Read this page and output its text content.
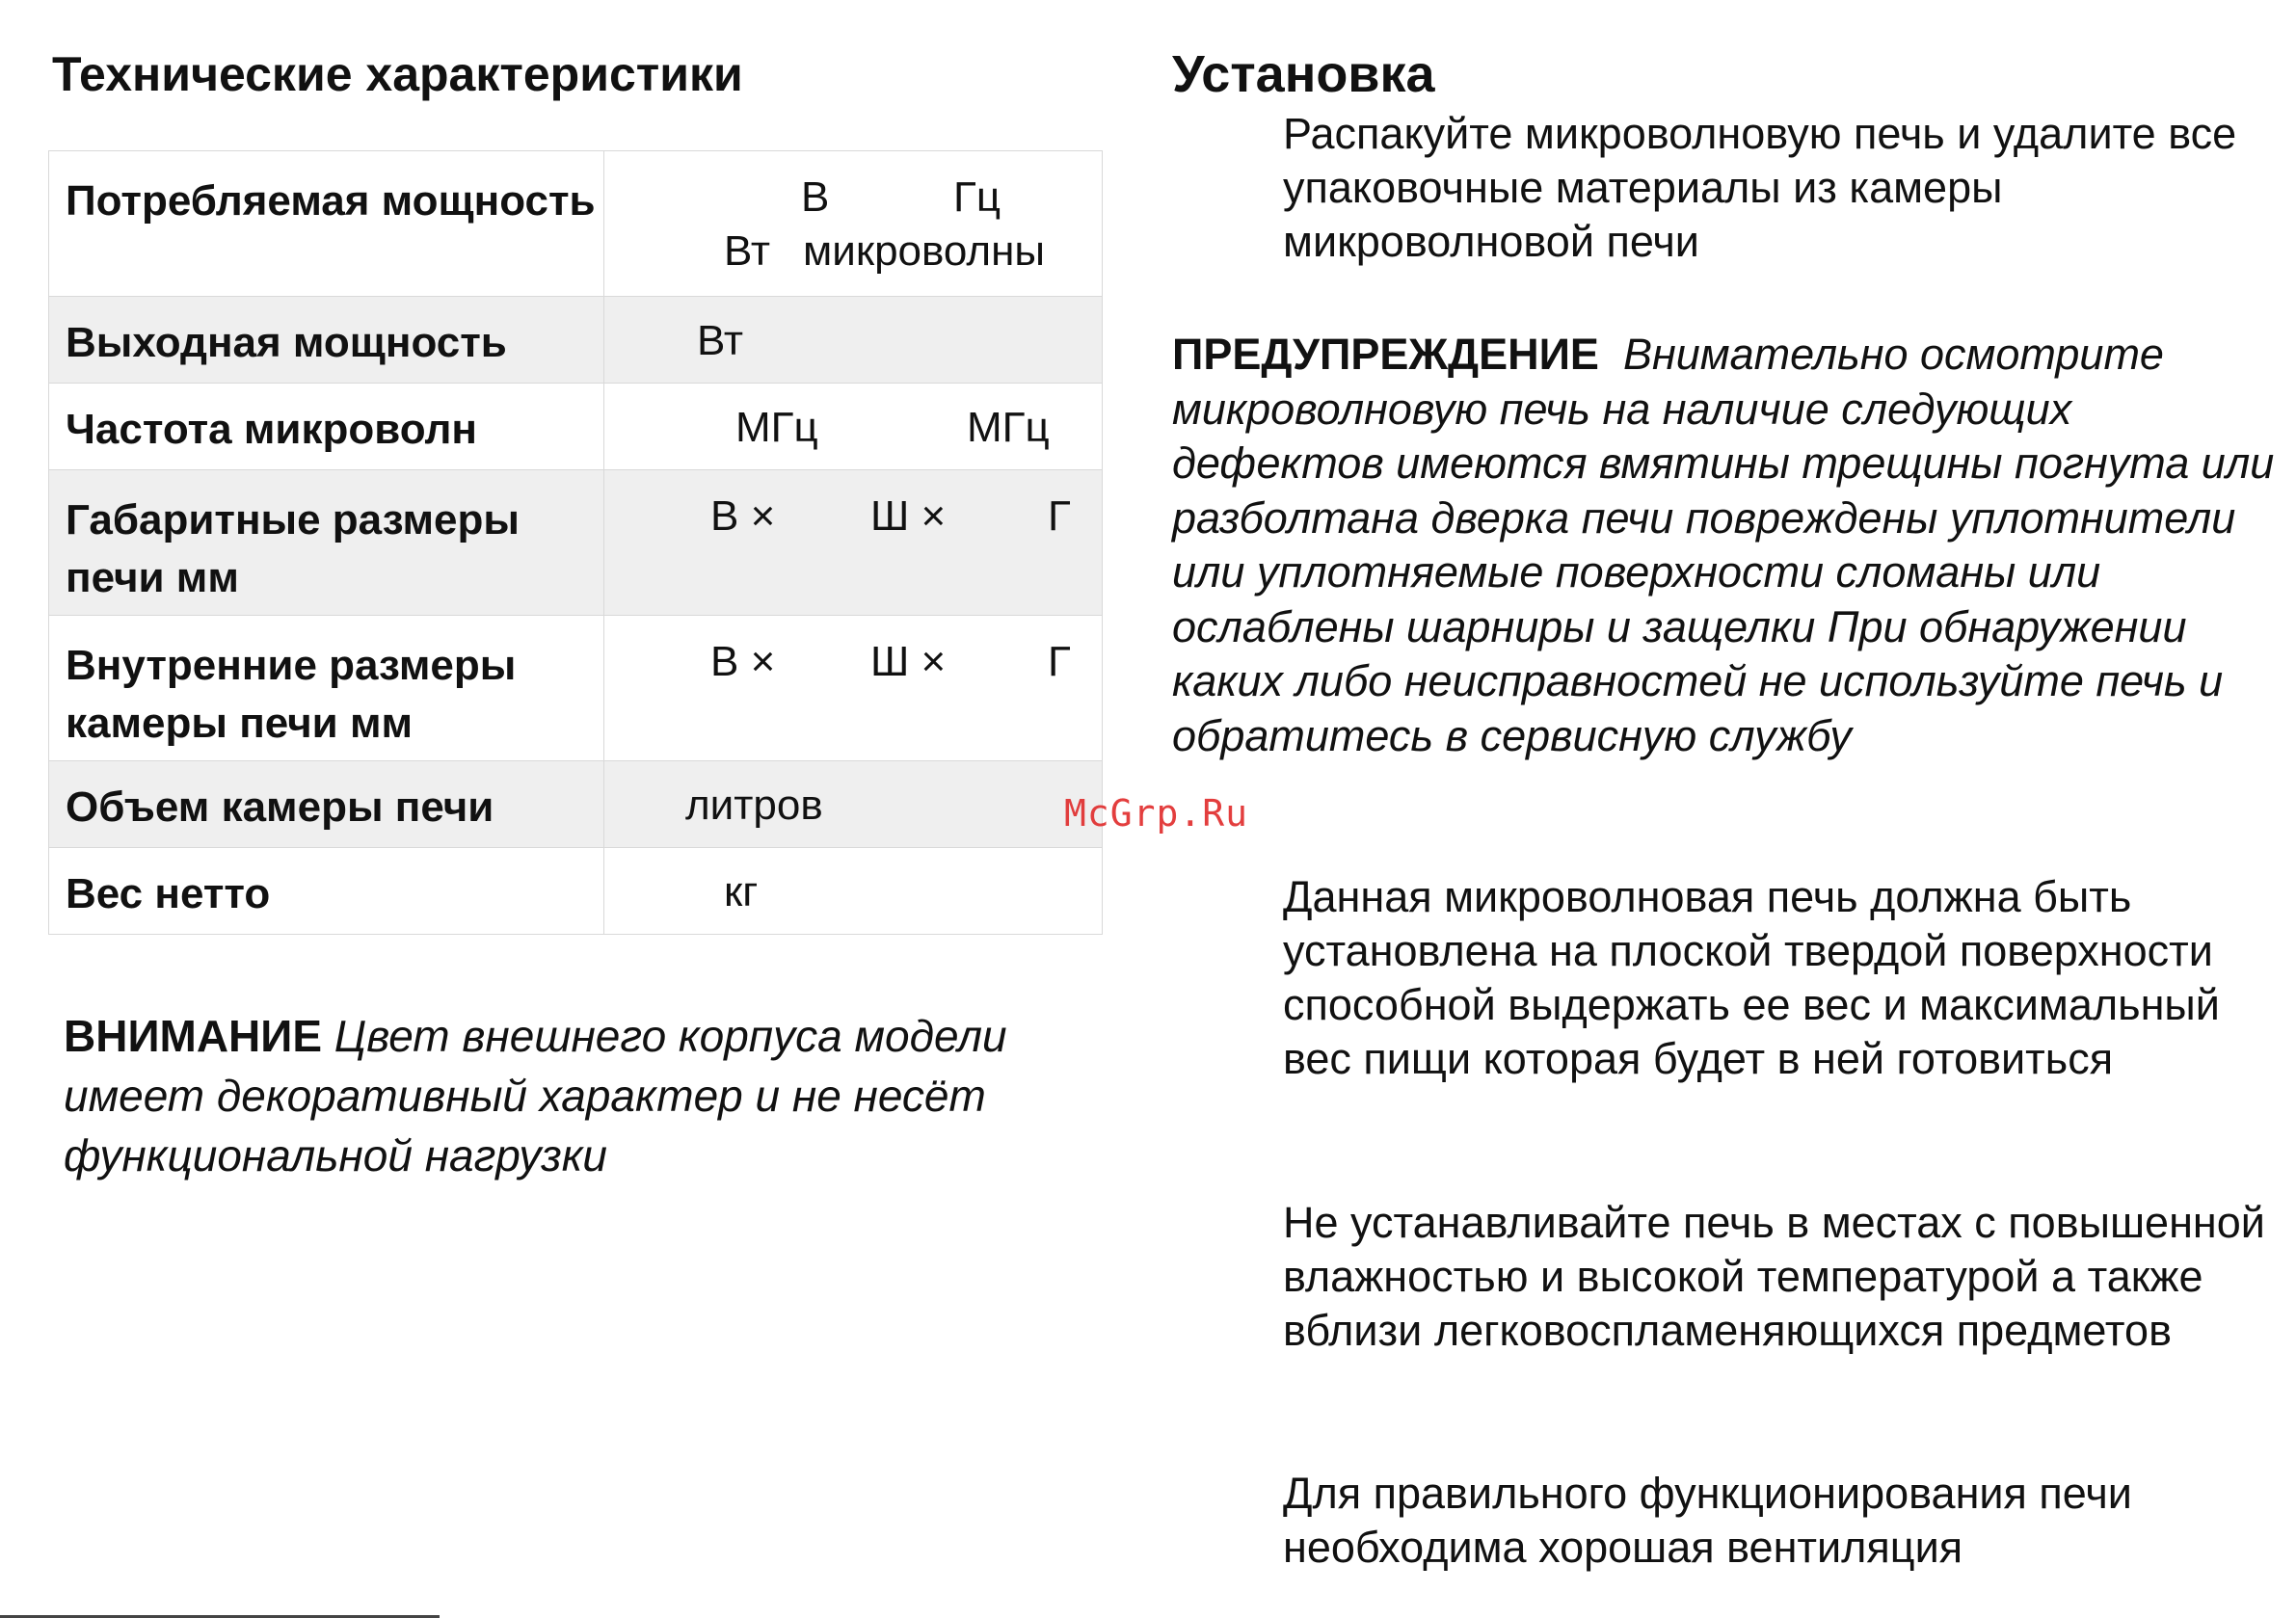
Технические характеристики
Потребляемая мощность	В Гц
Вт микроволны

Выходная мощность	Вт

Частота микроволн	МГц МГц

Габаритные размеры печи мм	В × Ш × Г

Внутренние размеры камеры печи мм	В × Ш × Г

Объем камеры печи	литров

Вес нетто	кг

ВНИМАНИЕ Цвет внешнего корпуса модели имеет декоративный характер и не несёт функциональной нагрузки

Установка

Распакуйте микроволновую печь и удалите все упаковочные материалы из камеры микроволновой печи

ПРЕДУПРЕЖДЕНИЕ Внимательно осмотрите микроволновую печь на наличие следующих дефектов имеются вмятины трещины погнута или разболтана дверка печи повреждены уплотнители или уплотняемые поверхности сломаны или ослаблены шарниры и защелки При обнаружении каких либо неисправностей не используйте печь и обратитесь в сервисную службу

McGrp.Ru

Данная микроволновая печь должна быть установлена на плоской твердой поверхности способной выдержать ее вес и максимальный вес пищи которая будет в ней готовиться

Не устанавливайте печь в местах с повышенной влажностью и высокой температурой а также вблизи легковоспламеняющихся предметов

Для правильного функционирования печи необходима хорошая вентиляция
